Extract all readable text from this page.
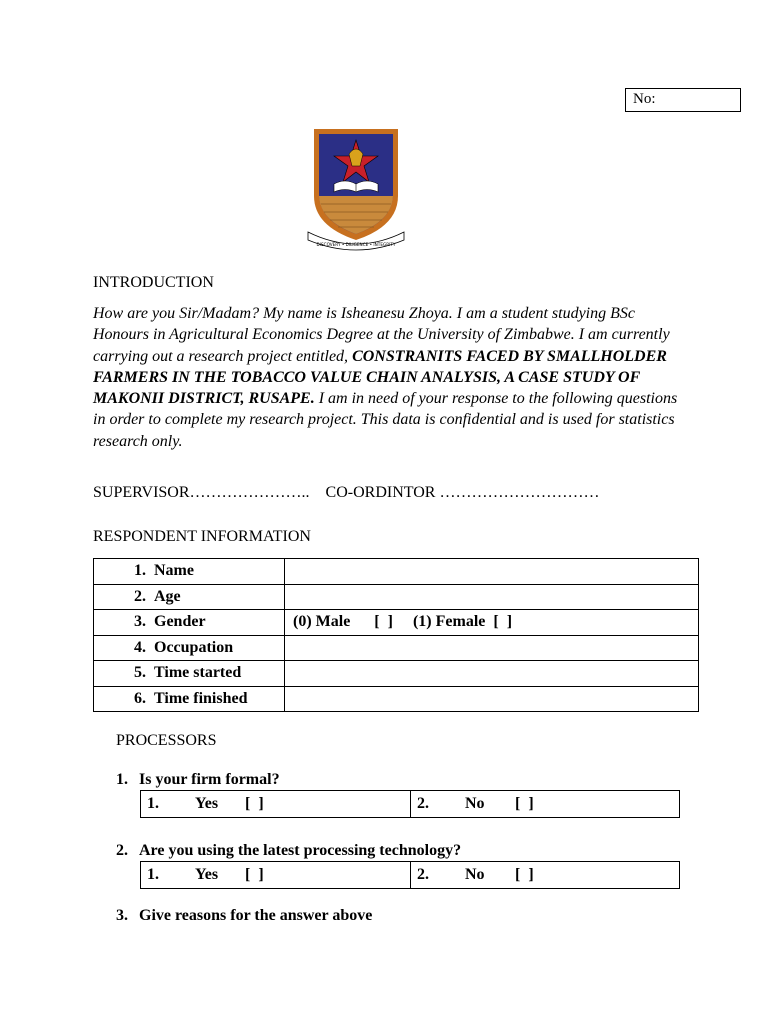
No:
DISCOVERY • DILIGENCE • INTEGRITY
INTRODUCTION
How are you Sir/Madam? My name is Isheanesu Zhoya. I am a student studying BSc Honours in Agricultural Economics Degree at the University of Zimbabwe. I am currently carrying out a research project entitled, CONSTRANITS FACED BY SMALLHOLDER FARMERS IN THE TOBACCO VALUE CHAIN ANALYSIS, A CASE STUDY OF MAKONII DISTRICT, RUSAPE. I am in need of your response to the following questions in order to complete my research project. This data is confidential and is used for statistics research only.
SUPERVISOR………………….. CO-ORDINTOR …………………………
RESPONDENT INFORMATION
1. Name	
2. Age	
3. Gender	(0) Male      [  ]     (1) Female  [  ]
4. Occupation	
5. Time started	
6. Time finished	
PROCESSORS
1. Is your firm formal?
1. Yes [  ]	2. No [  ]
2. Are you using the latest processing technology?
1. Yes [  ]	2. No [  ]
3. Give reasons for the answer above
